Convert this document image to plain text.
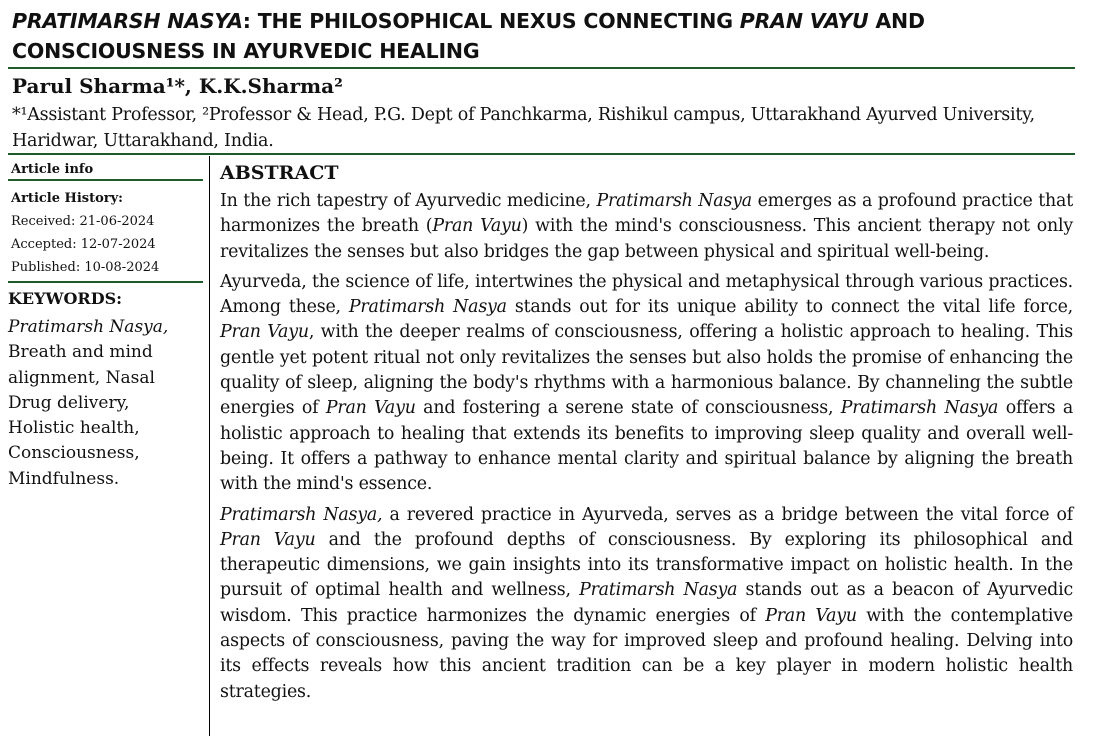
PRATIMARSH NASYA: THE PHILOSOPHICAL NEXUS CONNECTING PRAN VAYU AND CONSCIOUSNESS IN AYURVEDIC HEALING

Parul Sharma¹*, K.K.Sharma²

*¹Assistant Professor, ²Professor & Head, P.G. Dept of Panchkarma, Rishikul campus, Uttarakhand Ayurved University, Haridwar, Uttarakhand, India.

Article info
Article History:
Received: 21-06-2024
Accepted: 12-07-2024
Published: 10-08-2024
KEYWORDS:
Pratimarsh Nasya,
Breath and mind
alignment, Nasal
Drug delivery,
Holistic health,
Consciousness,
Mindfulness.
ABSTRACT

In the rich tapestry of Ayurvedic medicine, Pratimarsh Nasya emerges as a profound practice that harmonizes the breath (Pran Vayu) with the mind's consciousness. This ancient therapy not only revitalizes the senses but also bridges the gap between physical and spiritual well-being.

Ayurveda, the science of life, intertwines the physical and metaphysical through various practices. Among these, Pratimarsh Nasya stands out for its unique ability to connect the vital life force, Pran Vayu, with the deeper realms of consciousness, offering a holistic approach to healing. This gentle yet potent ritual not only revitalizes the senses but also holds the promise of enhancing the quality of sleep, aligning the body's rhythms with a harmonious balance. By channeling the subtle energies of Pran Vayu and fostering a serene state of consciousness, Pratimarsh Nasya offers a holistic approach to healing that extends its benefits to improving sleep quality and overall well-being. It offers a pathway to enhance mental clarity and spiritual balance by aligning the breath with the mind's essence.

Pratimarsh Nasya, a revered practice in Ayurveda, serves as a bridge between the vital force of Pran Vayu and the profound depths of consciousness. By exploring its philosophical and therapeutic dimensions, we gain insights into its transformative impact on holistic health. In the pursuit of optimal health and wellness, Pratimarsh Nasya stands out as a beacon of Ayurvedic wisdom. This practice harmonizes the dynamic energies of Pran Vayu with the contemplative aspects of consciousness, paving the way for improved sleep and profound healing. Delving into its effects reveals how this ancient tradition can be a key player in modern holistic health strategies.
